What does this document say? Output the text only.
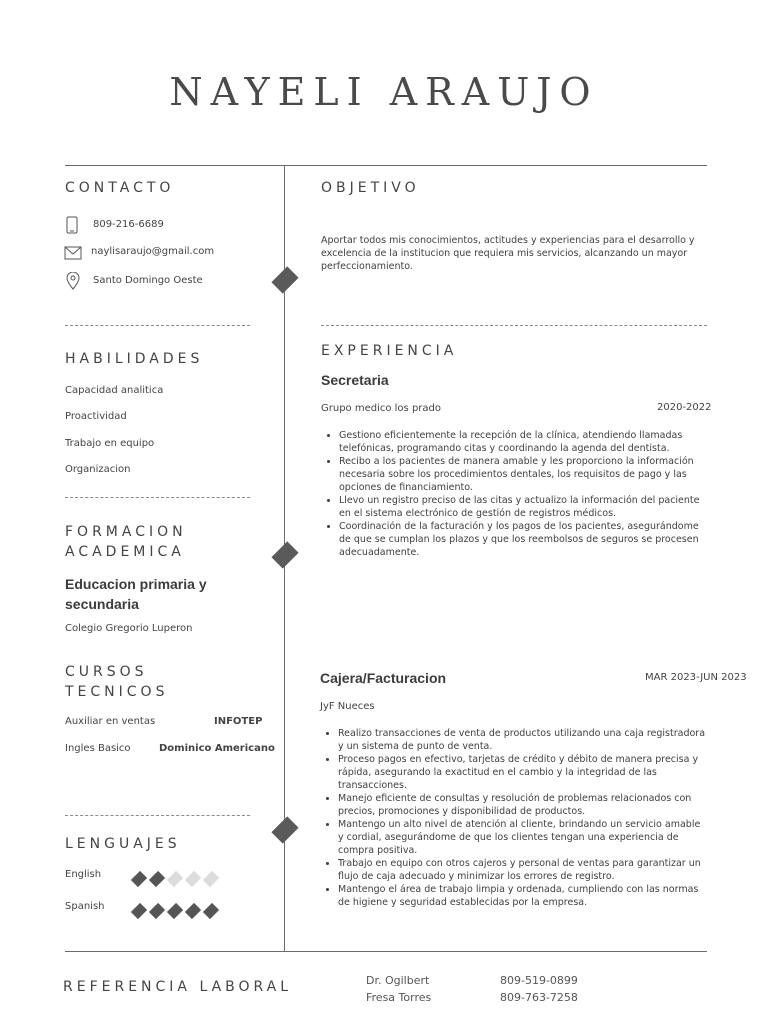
NAYELI ARAUJO
CONTACTO
809-216-6689
naylisaraujo@gmail.com
Santo Domingo Oeste
HABILIDADES
Capacidad analitica
Proactividad
Trabajo en equipo
Organizacion
FORMACION
ACADEMICA
Educacion primaria y
secundaria
Colegio Gregorio Luperon
CURSOS
TECNICOS
Auxiliar en ventas	INFOTEP
Ingles Basico	Dominico Americano
LENGUAJES
English
Spanish
OBJETIVO
Aportar todos mis conocimientos, actitudes y experiencias para el desarrollo y excelencia de la institucion que requiera mis servicios, alcanzando un mayor perfeccionamiento.
EXPERIENCIA
Secretaria
Grupo medico los prado	2020-2022
• Gestiono eficientemente la recepción de la clínica, atendiendo llamadas telefónicas, programando citas y coordinando la agenda del dentista.
• Recibo a los pacientes de manera amable y les proporciono la información necesaria sobre los procedimientos dentales, los requisitos de pago y las opciones de financiamiento.
• Llevo un registro preciso de las citas y actualizo la información del paciente en el sistema electrónico de gestión de registros médicos.
• Coordinación de la facturación y los pagos de los pacientes, asegurándome de que se cumplan los plazos y que los reembolsos de seguros se procesen adecuadamente.
Cajera/Facturacion
JyF Nueces
MAR 2023-JUN 2023
• Realizo transacciones de venta de productos utilizando una caja registradora y un sistema de punto de venta.
• Proceso pagos en efectivo, tarjetas de crédito y débito de manera precisa y rápida, asegurando la exactitud en el cambio y la integridad de las transacciones.
• Manejo eficiente de consultas y resolución de problemas relacionados con precios, promociones y disponibilidad de productos.
• Mantengo un alto nivel de atención al cliente, brindando un servicio amable y cordial, asegurándome de que los clientes tengan una experiencia de compra positiva.
• Trabajo en equipo con otros cajeros y personal de ventas para garantizar un flujo de caja adecuado y minimizar los errores de registro.
• Mantengo el área de trabajo limpia y ordenada, cumpliendo con las normas de higiene y seguridad establecidas por la empresa.
REFERENCIA LABORAL	Dr. Ogilbert	809-519-0899
Fresa Torres	809-763-7258
